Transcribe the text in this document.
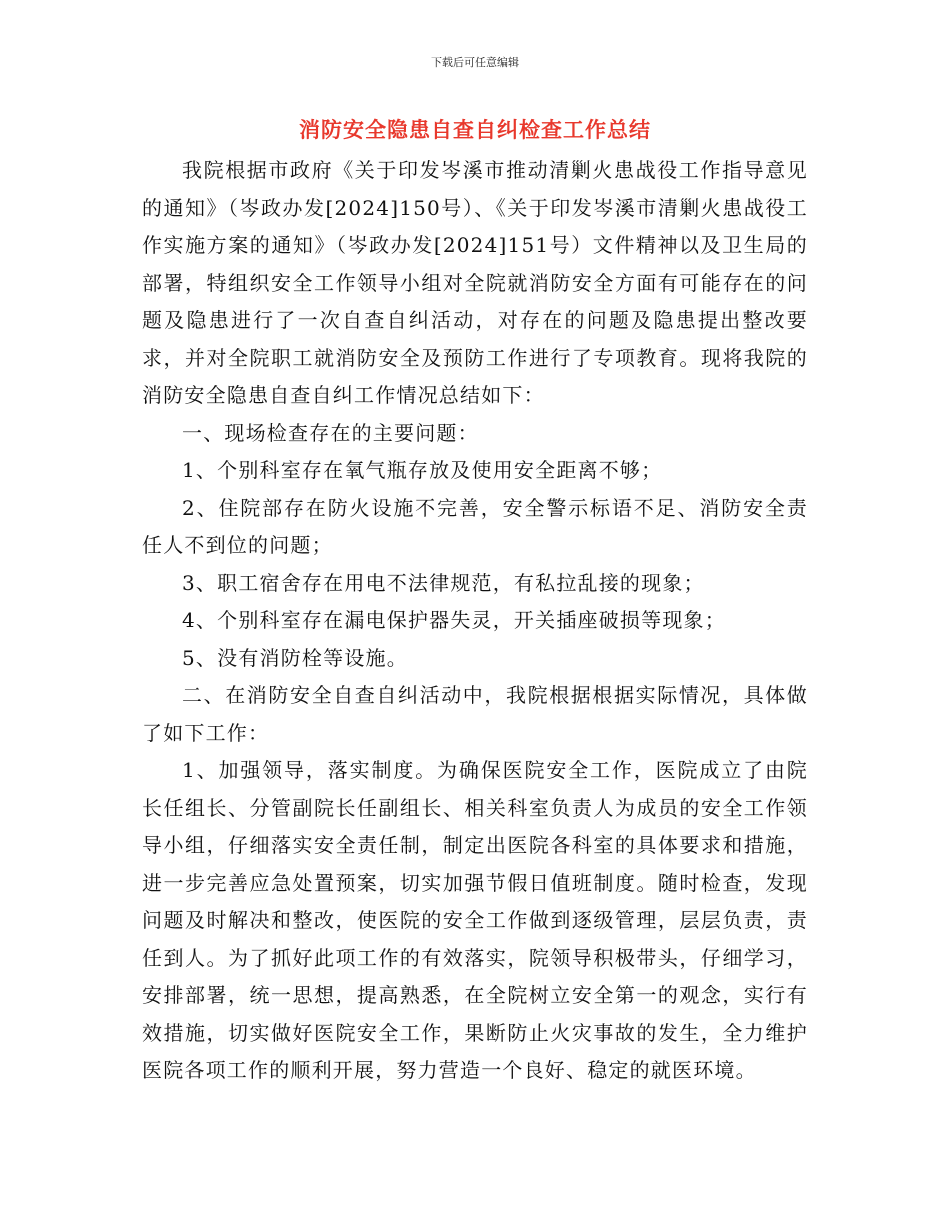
下载后可任意编辑
消防安全隐患自查自纠检查工作总结

我院根据市政府《关于印发岑溪市推动清剿火患战役工作指导意见的通知》（岑政办发[2024]150号）、《关于印发岑溪市清剿火患战役工作实施方案的通知》（岑政办发[2024]151号）文件精神以及卫生局的部署，特组织安全工作领导小组对全院就消防安全方面有可能存在的问题及隐患进行了一次自查自纠活动，对存在的问题及隐患提出整改要求，并对全院职工就消防安全及预防工作进行了专项教育。现将我院的消防安全隐患自查自纠工作情况总结如下：

一、现场检查存在的主要问题：

1、个别科室存在氧气瓶存放及使用安全距离不够；

2、住院部存在防火设施不完善，安全警示标语不足、消防安全责任人不到位的问题；

3、职工宿舍存在用电不法律规范，有私拉乱接的现象；

4、个别科室存在漏电保护器失灵，开关插座破损等现象；

5、没有消防栓等设施。

二、在消防安全自查自纠活动中，我院根据根据实际情况，具体做了如下工作：

1、加强领导，落实制度。为确保医院安全工作，医院成立了由院长任组长、分管副院长任副组长、相关科室负责人为成员的安全工作领导小组，仔细落实安全责任制，制定出医院各科室的具体要求和措施，进一步完善应急处置预案，切实加强节假日值班制度。随时检查，发现问题及时解决和整改，使医院的安全工作做到逐级管理，层层负责，责任到人。为了抓好此项工作的有效落实，院领导积极带头，仔细学习，安排部署，统一思想，提高熟悉，在全院树立安全第一的观念，实行有效措施，切实做好医院安全工作，果断防止火灾事故的发生，全力维护医院各项工作的顺利开展，努力营造一个良好、稳定的就医环境。
